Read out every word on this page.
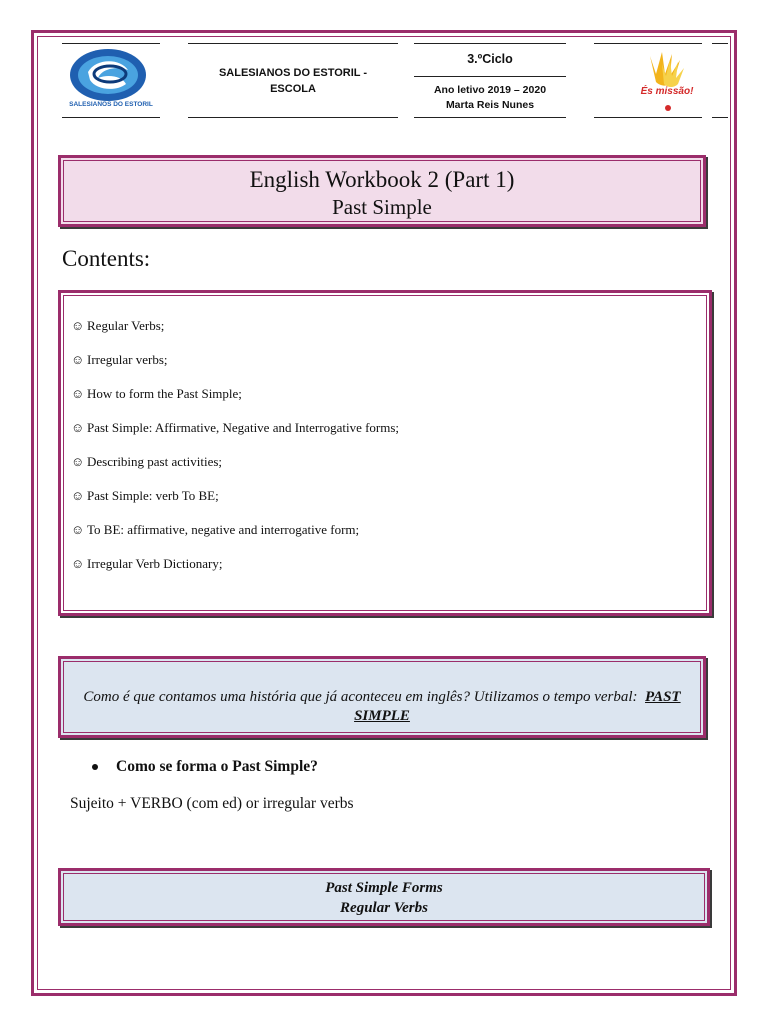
SALESIANOS DO ESTORIL
SALESIANOS DO ESTORIL -
ESCOLA
3.ºCiclo
Ano letivo 2019 – 2020
Marta Reis Nunes
És missão!
English Workbook 2 (Part 1)
Past Simple
Contents:
☺ Regular Verbs;
☺ Irregular verbs;
☺ How to form the Past Simple;
☺ Past Simple: Affirmative, Negative and Interrogative forms;
☺ Describing past activities;
☺ Past Simple: verb To BE;
☺ To BE: affirmative, negative and interrogative form;
☺ Irregular Verb Dictionary;
Como é que contamos uma história que já aconteceu em inglês? Utilizamos o tempo verbal: PAST SIMPLE
Como se forma o Past Simple?
Sujeito + VERBO (com ed) or irregular verbs
Past Simple Forms
Regular Verbs
